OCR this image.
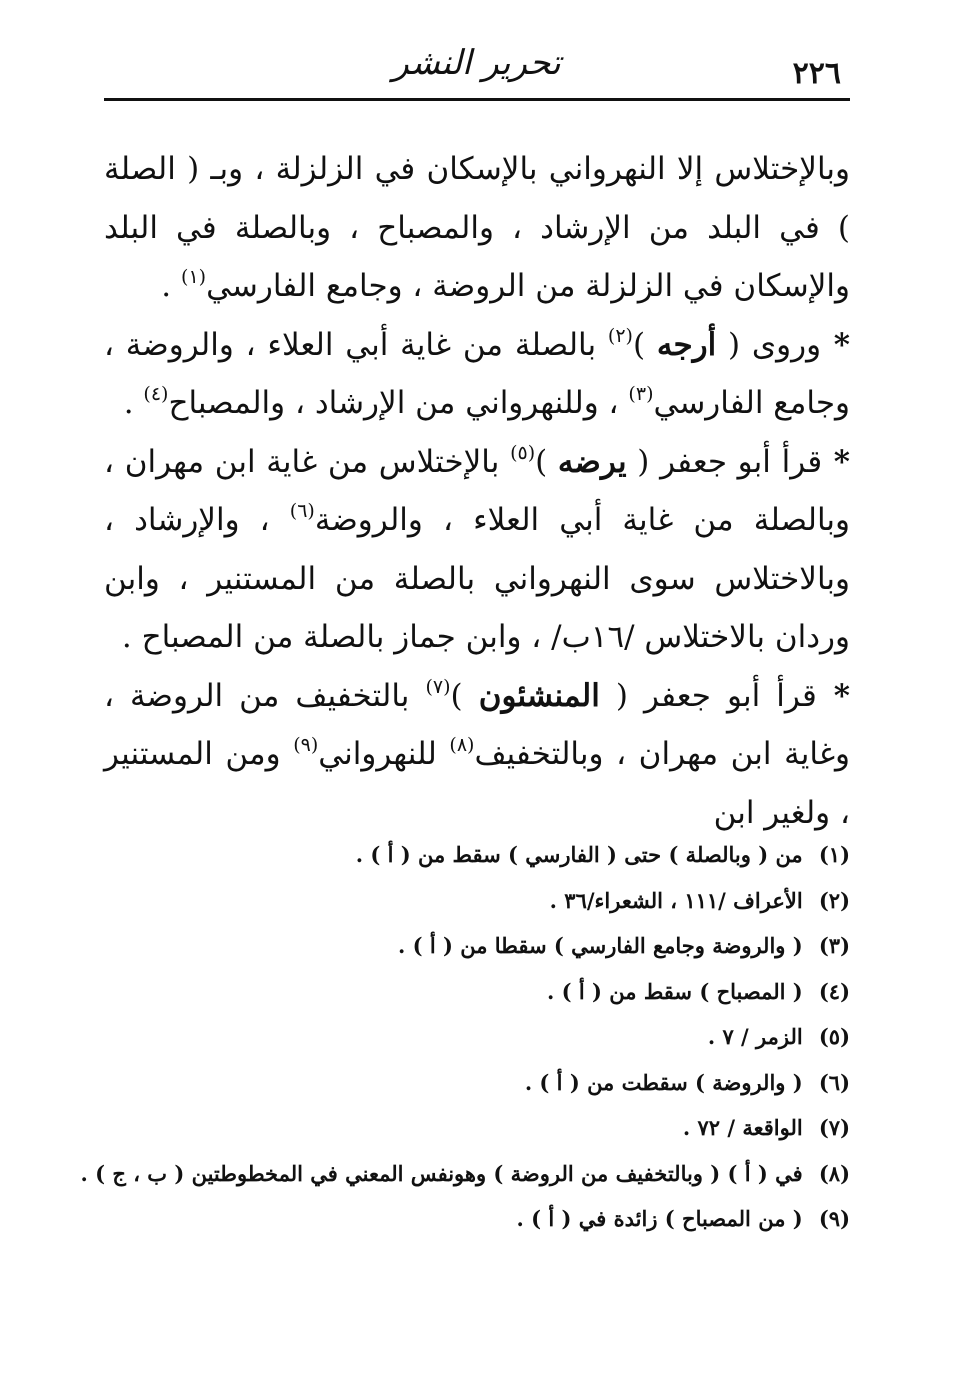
٢٢٦
تحرير النشر

وبالإختلاس إلا النهرواني بالإسكان في الزلزلة ، وبـ ( الصلة ) في البلد من الإرشاد ، والمصباح ، وبالصلة في البلد والإسكان في الزلزلة من الروضة ، وجامع الفارسي$^{(١)}$ .

* وروى ( أرجه )$^{(٢)}$ بالصلة من غاية أبي العلاء ، والروضة ، وجامع الفارسي$^{(٣)}$ ، وللنهرواني من الإرشاد ، والمصباح$^{(٤)}$ .

* قرأ أبو جعفر ( يرضه )$^{(٥)}$ بالإختلاس من غاية ابن مهران ، وبالصلة من غاية أبي العلاء ، والروضة$^{(٦)}$ ، والإرشاد ، وبالاختلاس سوى النهرواني بالصلة من المستنير ، وابن وردان بالاختلاس /١٦ب/ ، وابن جماز بالصلة من المصباح .

* قرأ أبو جعفر ( المنشئون )$^{(٧)}$ بالتخفيف من الروضة ، وغاية ابن مهران ، وبالتخفيف$^{(٨)}$ للنهرواني$^{(٩)}$ ومن المستنير ، ولغير ابن

(١) من ( وبالصلة ) حتى ( الفارسي ) سقط من ( أ ) .
(٢) الأعراف /١١١ ، الشعراء/٣٦ .
(٣) ( والروضة وجامع الفارسي ) سقطا من ( أ ) .
(٤) ( المصباح ) سقط من ( أ ) .
(٥) الزمر / ٧ .
(٦) ( والروضة ) سقطت من ( أ ) .
(٧) الواقعة / ٧٢ .
(٨) في ( أ ) ( وبالتخفيف من الروضة ) وهونفس المعني في المخطوطتين ( ب ، ج ) .
(٩) ( من المصباح ) زائدة في ( أ ) .
